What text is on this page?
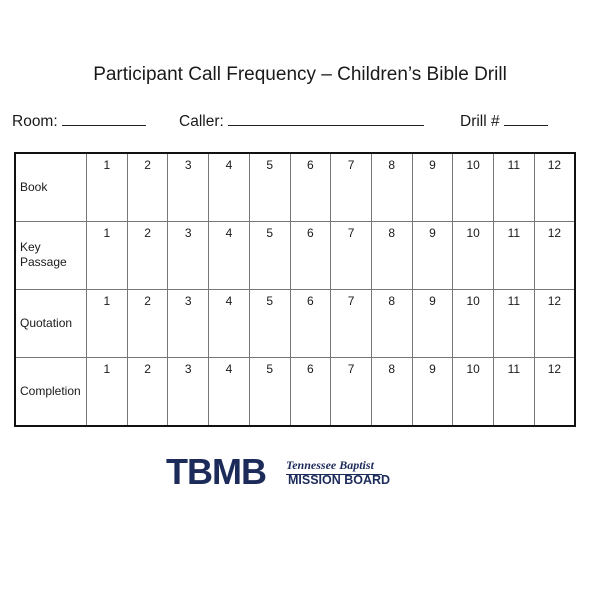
Participant Call Frequency – Children’s Bible Drill
Room:	Caller:	Drill #
Book	1	2	3	4	5	6	7	8	9	10	11	12
Key
Passage	1	2	3	4	5	6	7	8	9	10	11	12
Quotation	1	2	3	4	5	6	7	8	9	10	11	12
Completion	1	2	3	4	5	6	7	8	9	10	11	12
TBMB Tennessee Baptist
MISSION BOARD
